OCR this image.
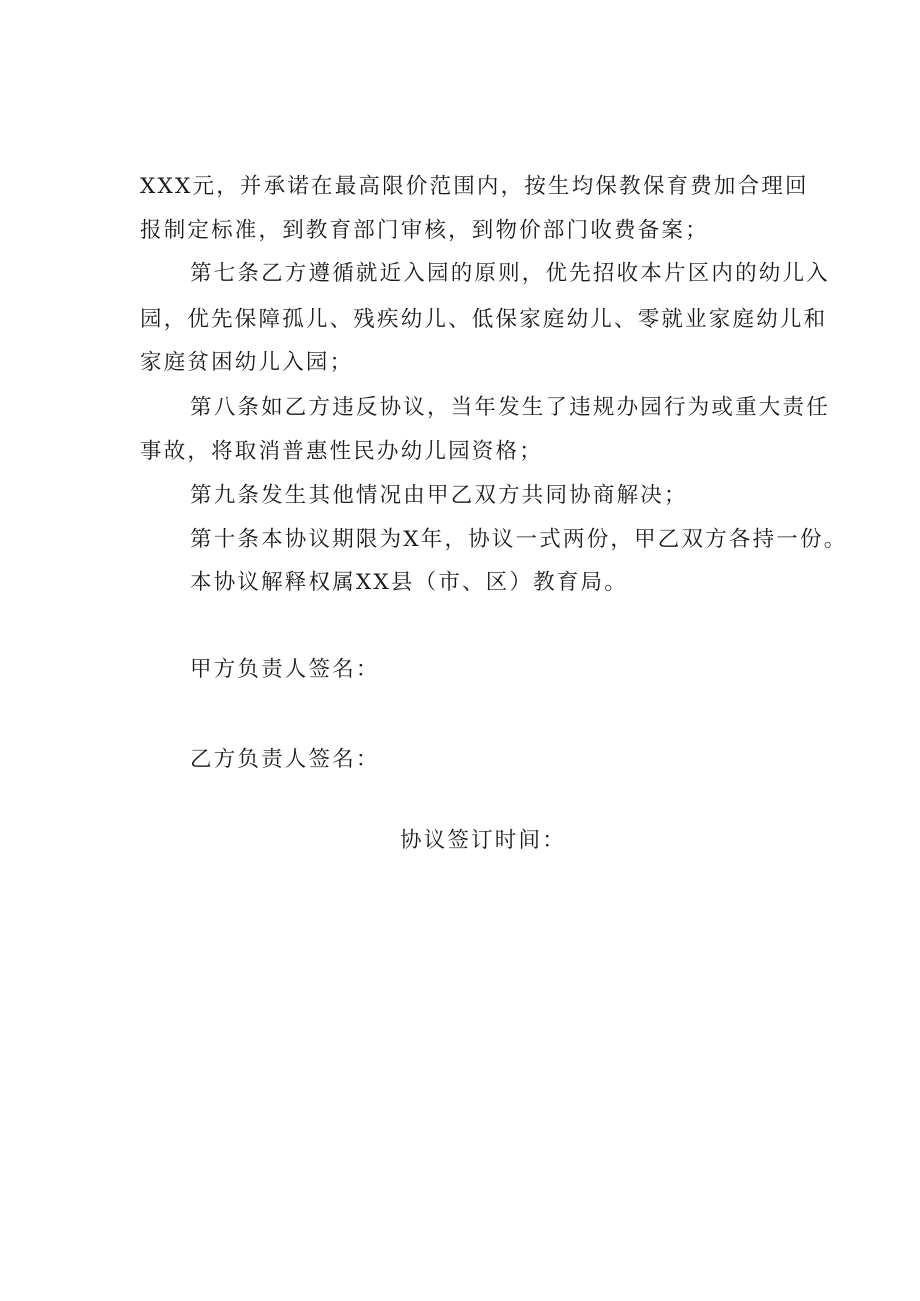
XXX元，并承诺在最高限价范围内，按生均保教保育费加合理回
报制定标准，到教育部门审核，到物价部门收费备案；
第七条乙方遵循就近入园的原则，优先招收本片区内的幼儿入
园，优先保障孤儿、残疾幼儿、低保家庭幼儿、零就业家庭幼儿和
家庭贫困幼儿入园；
第八条如乙方违反协议，当年发生了违规办园行为或重大责任
事故，将取消普惠性民办幼儿园资格；
第九条发生其他情况由甲乙双方共同协商解决；
第十条本协议期限为X年，协议一式两份，甲乙双方各持一份。
本协议解释权属XX县（市、区）教育局。
甲方负责人签名：
乙方负责人签名：
协议签订时间：
